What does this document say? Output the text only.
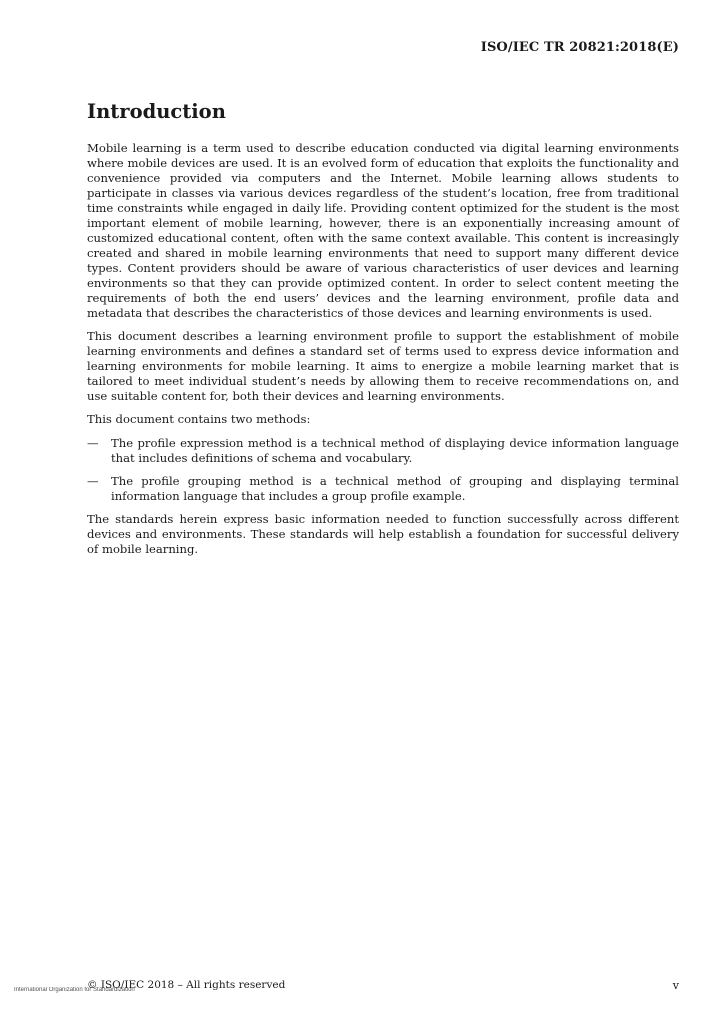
ISO/IEC TR 20821:2018(E)
Introduction

Mobile learning is a term used to describe education conducted via digital learning environments where mobile devices are used. It is an evolved form of education that exploits the functionality and convenience provided via computers and the Internet. Mobile learning allows students to participate in classes via various devices regardless of the student’s location, free from traditional time constraints while engaged in daily life. Providing content optimized for the student is the most important element of mobile learning, however, there is an exponentially increasing amount of customized educational content, often with the same context available. This content is increasingly created and shared in mobile learning environments that need to support many different device types. Content providers should be aware of various characteristics of user devices and learning environments so that they can provide optimized content. In order to select content meeting the requirements of both the end users’ devices and the learning environment, profile data and metadata that describes the characteristics of those devices and learning environments is used.

This document describes a learning environment profile to support the establishment of mobile learning environments and defines a standard set of terms used to express device information and learning environments for mobile learning. It aims to energize a mobile learning market that is tailored to meet individual student’s needs by allowing them to receive recommendations on, and use suitable content for, both their devices and learning environments.

This document contains two methods:

—	The profile expression method is a technical method of displaying device information language that includes definitions of schema and vocabulary.
—	The profile grouping method is a technical method of grouping and displaying terminal information language that includes a group profile example.

The standards herein express basic information needed to function successfully across different devices and environments. These standards will help establish a foundation for successful delivery of mobile learning.

International Organization for Standardization
© ISO/IEC 2018 – All rights reserved	v
